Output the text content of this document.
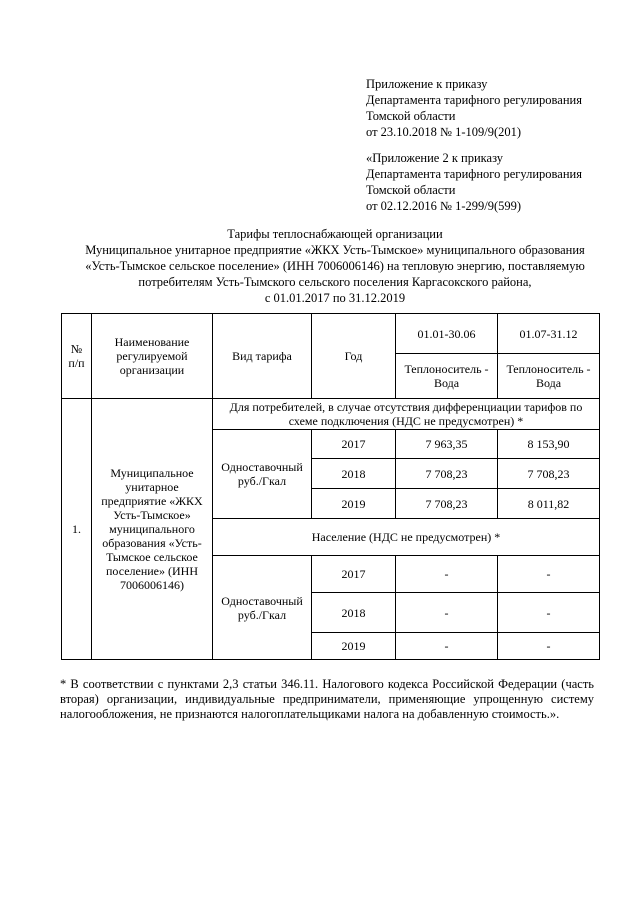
Приложение к приказу
Департамента тарифного регулирования
Томской области
от 23.10.2018 № 1-109/9(201)
«Приложение 2 к приказу
Департамента тарифного регулирования
Томской области
от 02.12.2016 № 1-299/9(599)
Тарифы теплоснабжающей организации
Муниципальное унитарное предприятие «ЖКХ Усть-Тымское» муниципального образования
«Усть-Тымское сельское поселение» (ИНН 7006006146) на тепловую энергию, поставляемую
потребителям Усть-Тымского сельского поселения Каргасокского района,
с 01.01.2017 по 31.12.2019
№ п/п	Наименование регулируемой организации	Вид тарифа	Год	01.01-30.06	01.07-31.12
				Теплоноситель - Вода	Теплоноситель - Вода
1.	Муниципальное унитарное предприятие «ЖКХ Усть-Тымское» муниципального образования «Усть-Тымское сельское поселение» (ИНН 7006006146)	Для потребителей, в случае отсутствия дифференциации тарифов по схеме подключения (НДС не предусмотрен) *			
		Одноставочный руб./Гкал	2017	7 963,35	8 153,90
			2018	7 708,23	7 708,23
			2019	7 708,23	8 011,82
		Население (НДС не предусмотрен) *			
		Одноставочный руб./Гкал	2017	-	-
			2018	-	-
			2019	-	-
* В соответствии с пунктами 2,3 статьи 346.11. Налогового кодекса Российской Федерации (часть вторая) организации, индивидуальные предприниматели, применяющие упрощенную систему налогообложения, не признаются налогоплательщиками налога на добавленную стоимость.».
